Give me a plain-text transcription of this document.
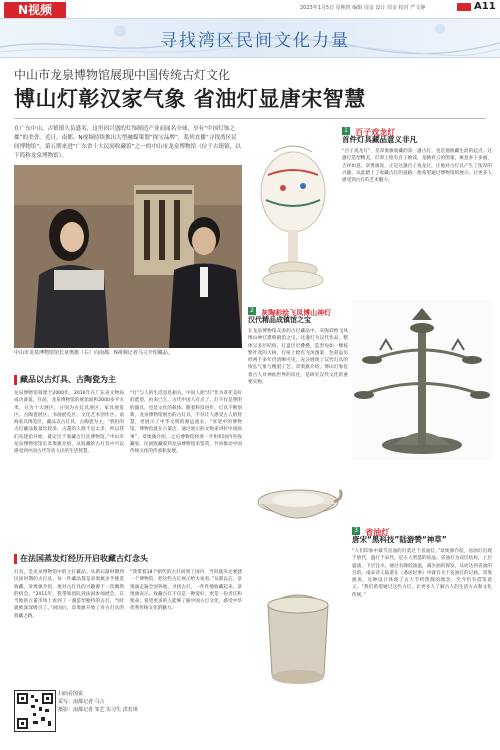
N视频	2023年1月5日 星期四 编辑 周金 设计 周金 校对 严文静	A11
寻找湾区民间文化力量
中山市龙泉博物馆展现中国传统古灯文化
博山灯彰汉家气象 省油灯显唐宋智慧
在广东中山，古镇镇久负盛名，这里因兴盛的灯饰制造产业而闻名全球，享有“中国灯饰之都”的美誉。近日，南都、N视频持续推出大型融媒策划“探宝品牌”，系列直播“寻找湾区民间博物馆”。第五期来进“广东省十大民间收藏馆”之一的中山市龙泉博物馆（位于古镇镇，以下简称龙泉博物馆）。
中山市龙泉博物馆馆长章奥旗（右）向南都、N视频记者马言介绍藏品。
藏品以古灯具、古陶瓷为主
龙泉博物馆筹建于2000年，2016年在广东省文物局成功备案。目前，龙泉博物馆的展馆面积2000多平方米，分为十大展区，分别为古灯具展区、家具展览区、古陶瓷展区、书画展览区、文化艺术创作区、南海家具博览区，藏品以古灯具、古陶瓷为主。“我们的古灯藏品数量比较多，古董的人群不是太多，所以我们从建馆开始，就定位于收藏古灯具博物馆。”中山市龙泉博物馆馆长章奥旗介绍，从收藏的古灯具中可以感受到中国古代劳动人民的生活智慧。
“灯”与人的生活息息相关。中国人把“灯”作为寄托美好的愿望，由来已久，古代中国人有点了，灯不仅是照明的器具，也是文化的载体。随着科技进步，灯具不断创新，龙泉博物馆展出的古灯具，不仅让人感受古人的智慧，更展示了中华文明的源远流长。“喜迎中的博物馆，博物馆就在古董店，通过展示的文物来讲好中国故事”，章奥旗介绍，之后博物馆将进一步组织国内外收藏家、民间收藏家到龙泉博物馆来鉴赏，共同推动中国传统文化的传承和发展。
在法国蒸发灯经历开启收藏古灯念头
灯具，是龙泉博物馆中的主打藏品。从新石器时期到民国时期的古灯具，每一件藏品都是章奥旗亲手挑选收藏。章奥旗介绍，他对古灯具的兴趣源于一次偶然的机会。“2011年，我带领团队到法国参加展会，在当地的古董市场上看到了一盏造型独特的古灯，当时就被深深吸引了。”回国后，章奥旗开始了对古灯具的收藏之路。
“我带着18个朝代的古灯回到了国内，当时就决定要建一个博物馆，把这些古灯展示给大家看。”从那以后，章奥旗走遍全国各地，寻找古灯，一件件地收藏起来。章奥旗表示，收藏古灯不仅是一种爱好，更是一份责任和使命，希望更多的人能够了解中国古灯文化，感受中华优秀传统文化的魅力。
扫码看图说
采写：南都记者 马言
摄影：南都记者 邹艺 实习生 洪若琪
1 百子戏龙灯
首件灯具藏品意义非凡
“百子戏龙灯”，是章奥旗收藏的第一盏古灯，也是他收藏生涯的起点。这盏灯造型精美，灯罩上绘有百子嬉戏、龙腾祥云的图案，寓意多子多福、吉祥如意。章奥旗说，正是这盏百子戏龙灯，让他对古灯具产生了浓厚的兴趣，从此踏上了收藏古灯的道路。他希望通过博物馆的展示，让更多人感受到古灯的艺术魅力。
2 灰陶彩绘飞凤博山神灯
汉代精品成镇馆之宝
在龙泉博物馆众多的古灯藏品中，灰陶彩绘飞凤博山神灯堪称镇馆之宝。这盏灯为汉代作品，整体呈多层结构，灯盘层层叠叠，造型宛如一棵枝繁叶茂的大树，灯座上绘有飞凤图案，色彩虽历经两千多年仍清晰可见，充分展现了汉代灯具的恢弘气象与精湛工艺。章奥旗介绍，博山灯象征着古人对神仙世界的向往，是研究汉代文化的重要实物。
3 省油灯
唐宋“黑科技”陆游赞“神草”
“人们印象中最节省油的灯莫过于省油灯。”章奥旗介绍，省油灯出现于唐代，盛行于宋代，是古人智慧的结晶。省油灯为双层结构，上层盛油，下层注水，通过水降低油温，减少油的挥发，从而达到省油的目的。南宋诗人陆游在《斋居纪事》中就有关于省油灯的记载。章奥旗说，这种设计体现了古人节约资源的理念，至今仍有借鉴意义。“我们希望通过这些古灯，让更多人了解古人的生活方式和文化传统。”
